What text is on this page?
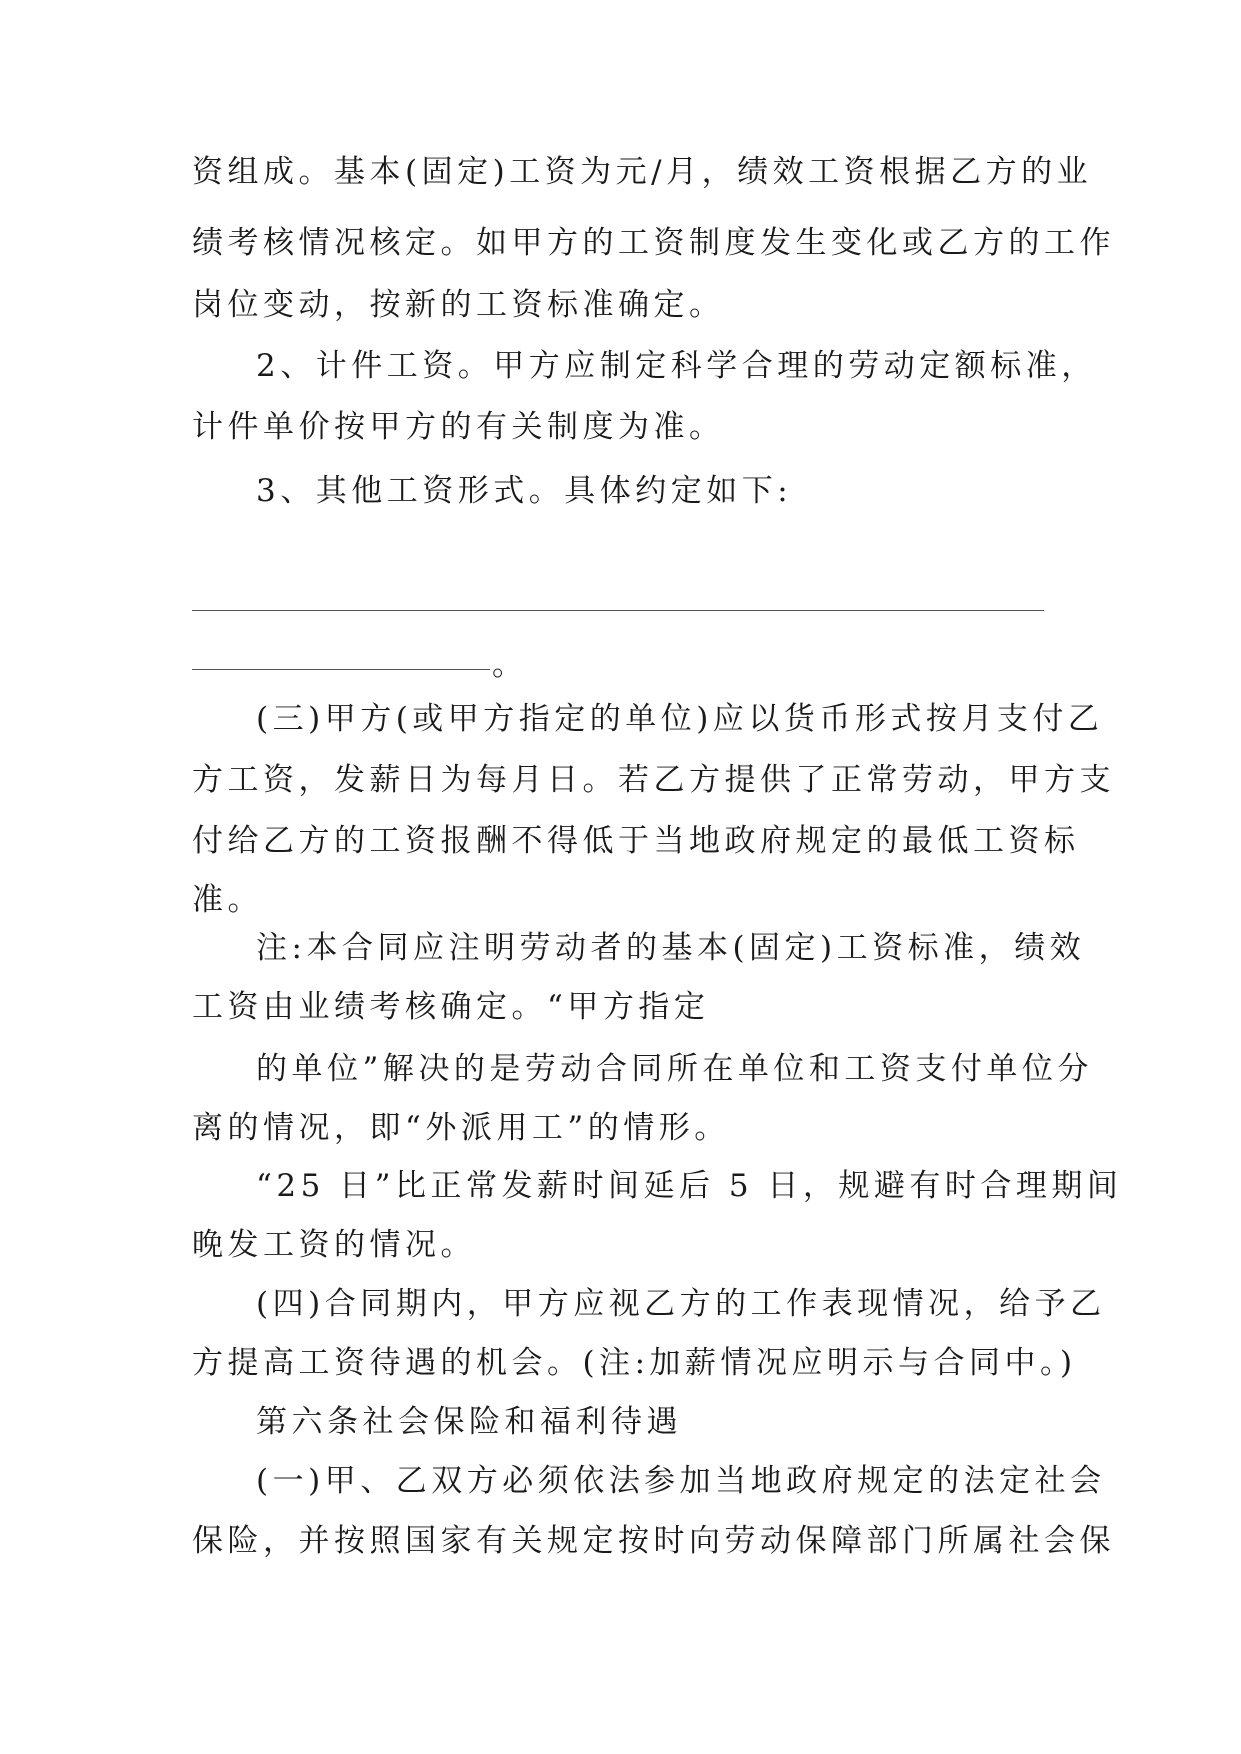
资组成。基本(固定)工资为元/月，绩效工资根据乙方的业

绩考核情况核定。如甲方的工资制度发生变化或乙方的工作

岗位变动，按新的工资标准确定。

2、计件工资。甲方应制定科学合理的劳动定额标准，

计件单价按甲方的有关制度为准。

3、其他工资形式。具体约定如下:

。

(三)甲方(或甲方指定的单位)应以货币形式按月支付乙

方工资，发薪日为每月日。若乙方提供了正常劳动，甲方支

付给乙方的工资报酬不得低于当地政府规定的最低工资标

准。

注:本合同应注明劳动者的基本(固定)工资标准，绩效

工资由业绩考核确定。“甲方指定

的单位”解决的是劳动合同所在单位和工资支付单位分

离的情况，即“外派用工”的情形。

“25 日”比正常发薪时间延后 5 日，规避有时合理期间

晚发工资的情况。

(四)合同期内，甲方应视乙方的工作表现情况，给予乙

方提高工资待遇的机会。(注:加薪情况应明示与合同中。)

第六条社会保险和福利待遇

(一)甲、乙双方必须依法参加当地政府规定的法定社会

保险，并按照国家有关规定按时向劳动保障部门所属社会保
